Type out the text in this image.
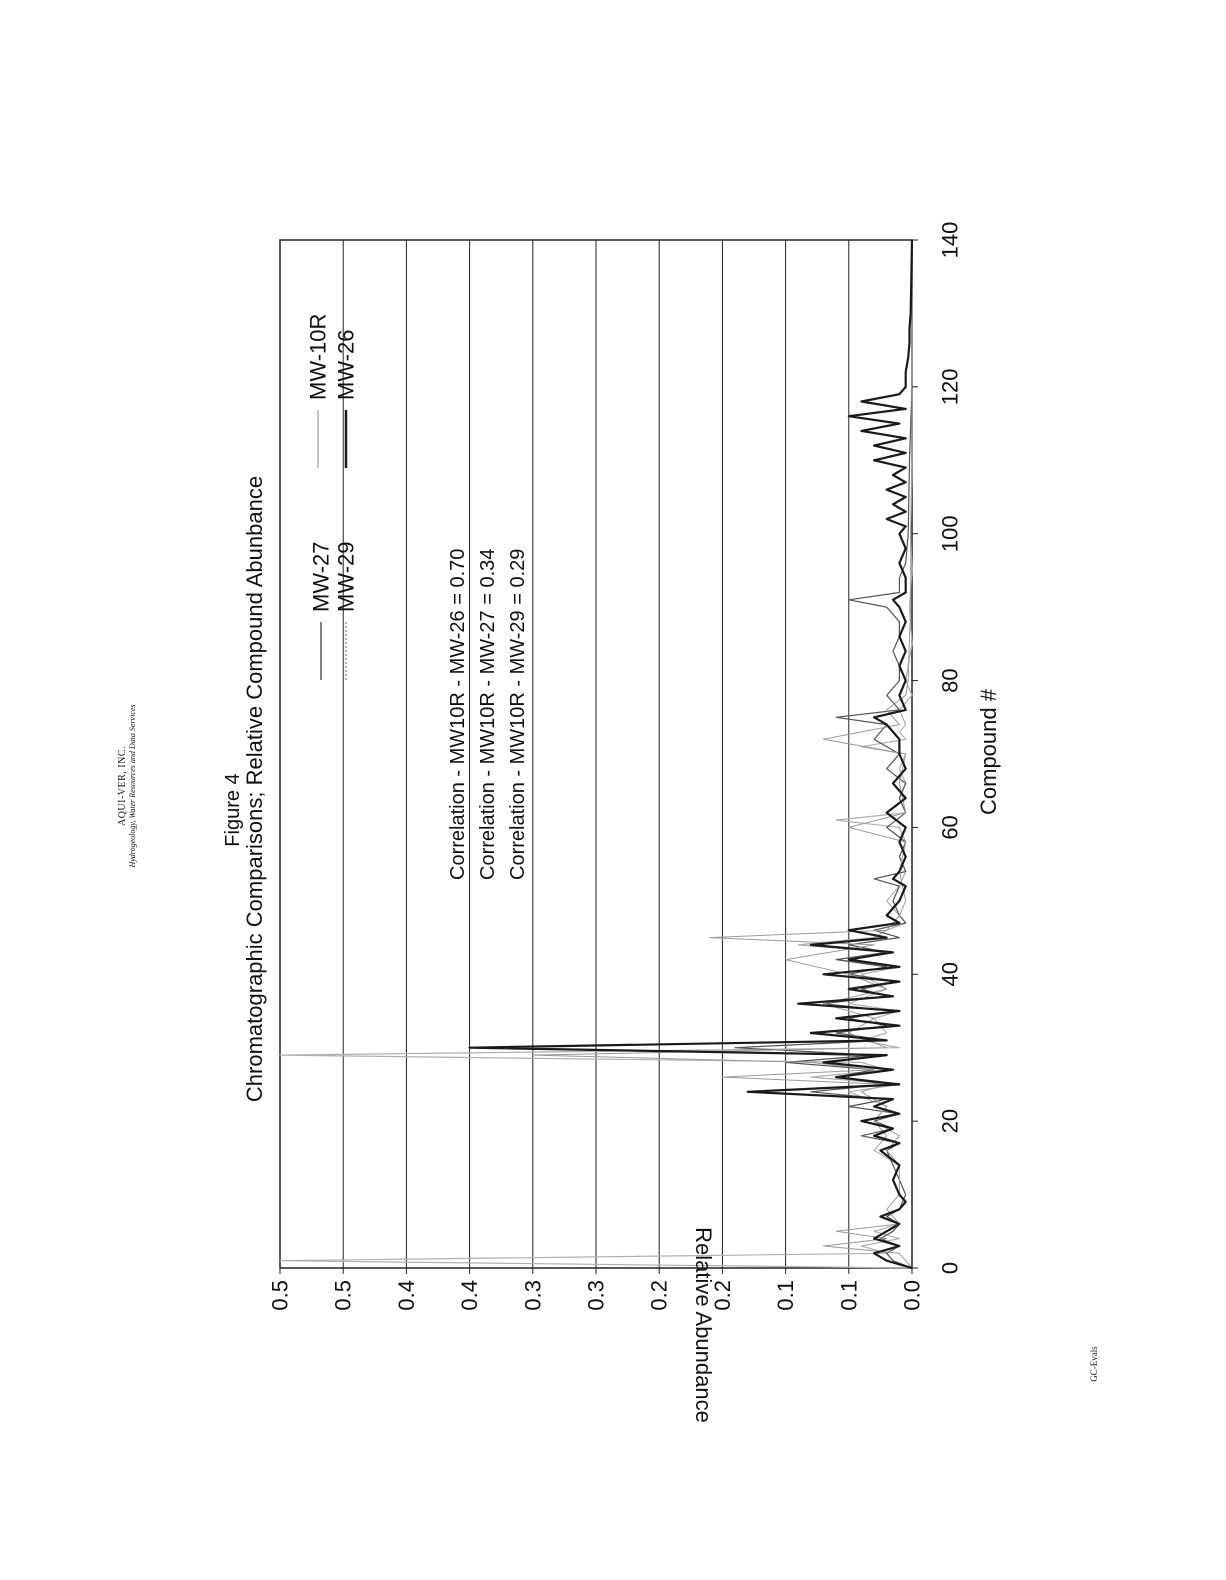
AQUI-VER, INC. Hydrogeology, Water Resources and Data Services	Figure 4
Chromatographic Comparisons; Relative Compound Abunbance
GC-Evals
0.0
0.1
0.1
0.2
0.2
0.3
0.3
0.4
0.4
0.5
0.5
0
20
40
60
80
100
120
140
Relative Abundance
Compound #
MW-27 MW-29
MW-10R MW-26
Correlation - MW10R - MW-26 = 0.70 Correlation - MW10R - MW-27 = 0.34 Correlation - MW10R - MW-29 = 0.29
